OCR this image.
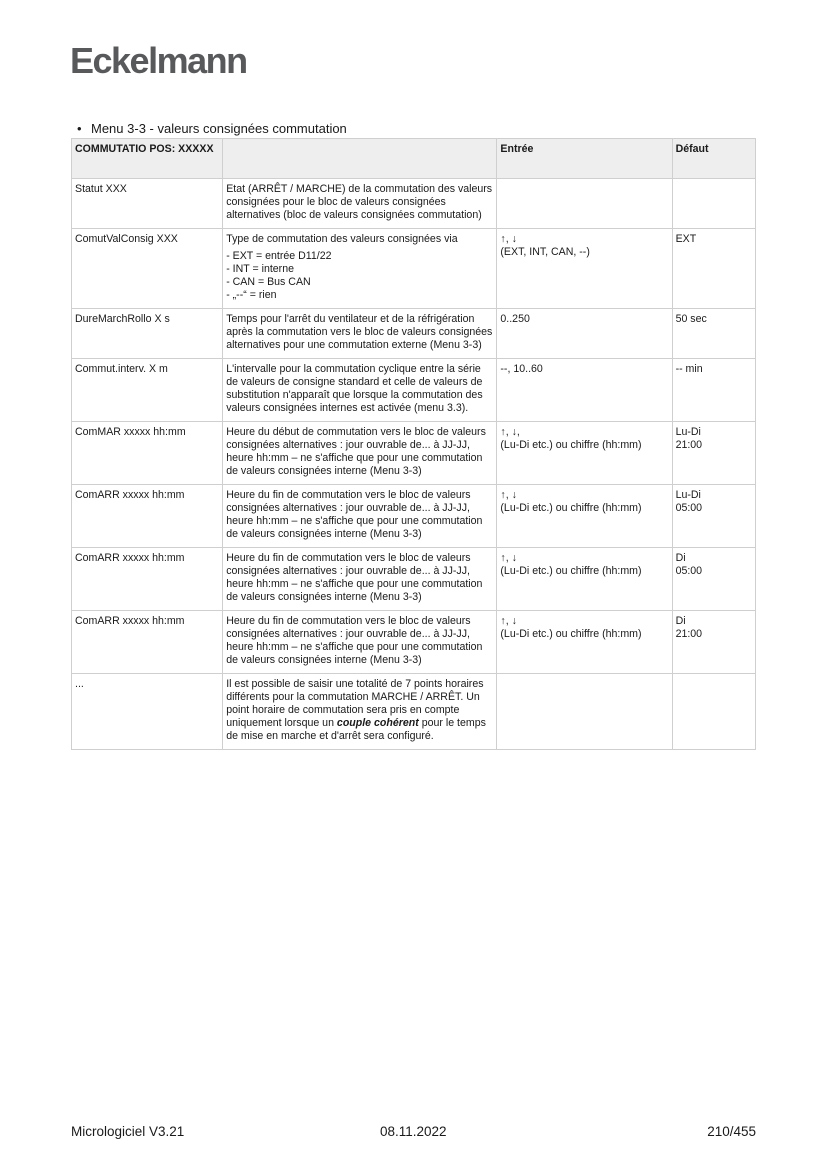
Eckelmann
• Menu 3-3 - valeurs consignées commutation
COMMUTATIO POS: XXXXX		Entrée	Défaut
Statut XXX	Etat (ARRÊT / MARCHE) de la commutation des valeurs consignées pour le bloc de valeurs consignées alternatives (bloc de valeurs consignées commutation)	

ComutValConsig XXX	Type de commutation des valeurs consignées via
- EXT = entrée D11/22
- INT = interne
- CAN = Bus CAN
- „--“ = rien	↑, ↓
(EXT, INT, CAN, --)	EXT

DureMarchRollo X s	Temps pour l'arrêt du ventilateur et de la réfrigération après la commutation vers le bloc de valeurs consignées alternatives pour une commutation externe (Menu 3-3)	0..250	50 sec

Commut.interv. X m	L'intervalle pour la commutation cyclique entre la série de valeurs de consigne standard et celle de valeurs de substitution n'apparaît que lorsque la commutation des valeurs consignées internes est activée (menu 3.3).	--, 10..60	-- min

ComMAR xxxxx hh:mm	Heure du début de commutation vers le bloc de valeurs consignées alternatives : jour ouvrable de... à JJ-JJ, heure hh:mm – ne s'affiche que pour une commutation de valeurs consignées interne (Menu 3-3)	↑, ↓,
(Lu-Di etc.) ou chiffre (hh:mm)	Lu-Di
21:00

ComARR xxxxx hh:mm	Heure du fin de commutation vers le bloc de valeurs consignées alternatives : jour ouvrable de... à JJ-JJ, heure hh:mm – ne s'affiche que pour une commutation de valeurs consignées interne (Menu 3-3)	↑, ↓
(Lu-Di etc.) ou chiffre (hh:mm)	Lu-Di
05:00

ComARR xxxxx hh:mm	Heure du fin de commutation vers le bloc de valeurs consignées alternatives : jour ouvrable de... à JJ-JJ, heure hh:mm – ne s'affiche que pour une commutation de valeurs consignées interne (Menu 3-3)	↑, ↓
(Lu-Di etc.) ou chiffre (hh:mm)	Di
05:00

ComARR xxxxx hh:mm	Heure du fin de commutation vers le bloc de valeurs consignées alternatives : jour ouvrable de... à JJ-JJ, heure hh:mm – ne s'affiche que pour une commutation de valeurs consignées interne (Menu 3-3)	↑, ↓
(Lu-Di etc.) ou chiffre (hh:mm)	Di
21:00

...	Il est possible de saisir une totalité de 7 points horaires différents pour la commutation MARCHE / ARRÊT. Un point horaire de commutation sera pris en compte uniquement lorsque un couple cohérent pour le temps de mise en marche et d'arrêt sera configuré.	

Micrologiciel V3.21	08.11.2022	210/455
